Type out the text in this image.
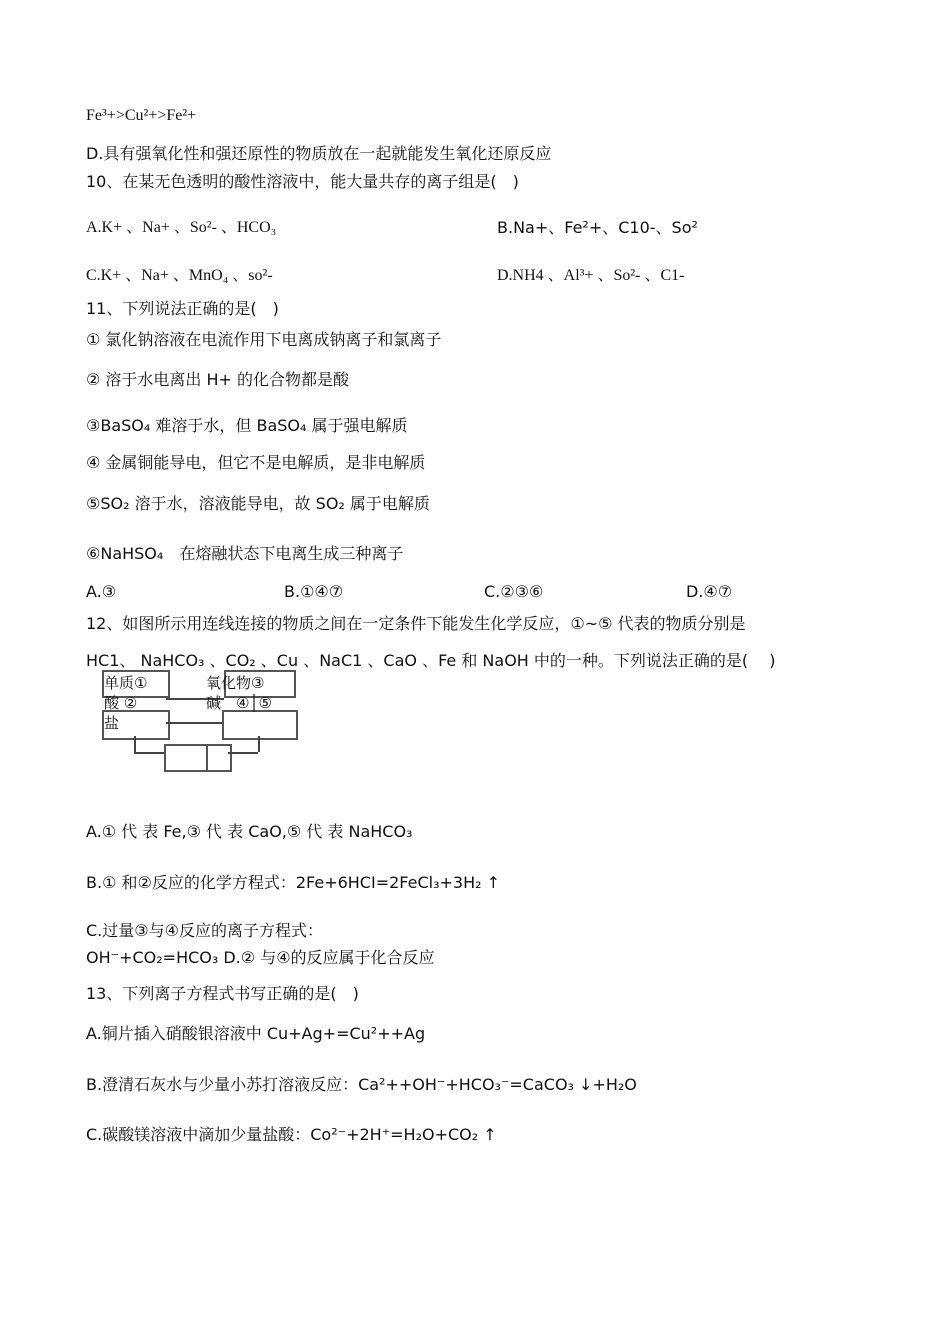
Fe³+>Cu²+>Fe²+
D.具有强氧化性和强还原性的物质放在一起就能发生氧化还原反应
10、在某无色透明的酸性溶液中，能大量共存的离子组是(　)
A.K+ 、Na+ 、So²- 、HCO₃	B.Na+、Fe²+、C10-、So²
C.K+ 、Na+ 、MnO₄ 、so²-	D.NH4 、Al³+ 、So²- 、C1-
11、下列说法正确的是(　)
① 氯化钠溶液在电流作用下电离成钠离子和氯离子
② 溶于水电离出 H+ 的化合物都是酸
③BaSO₄ 难溶于水，但 BaSO₄ 属于强电解质
④ 金属铜能导电，但它不是电解质，是非电解质
⑤SO₂ 溶于水，溶液能导电，故 SO₂ 属于电解质
⑥NaHSO₄　在熔融状态下电离生成三种离子
A.③	B.①④⑦	C.②③⑥	D.④⑦
12、如图所示用连线连接的物质之间在一定条件下能发生化学反应，①~⑤ 代表的物质分别是
HC1、 NaHCO₃ 、CO₂ 、Cu 、NaC1 、CaO 、Fe 和 NaOH 中的一种。下列说法正确的是(　 )
单质①
酸 ②
盐
氧化物③
碱　④│⑤
A.① 代 表 Fe,③ 代 表 CaO,⑤ 代 表 NaHCO₃
B.① 和②反应的化学方程式：2Fe+6HCI=2FeCl₃+3H₂ ↑
C.过量③与④反应的离子方程式：
OH⁻+CO₂=HCO₃ D.② 与④的反应属于化合反应
13、下列离子方程式书写正确的是(　)
A.铜片插入硝酸银溶液中 Cu+Ag+=Cu²++Ag
B.澄清石灰水与少量小苏打溶液反应：Ca²++OH⁻+HCO₃⁻=CaCO₃ ↓+H₂O
C.碳酸镁溶液中滴加少量盐酸：Co²⁻+2H⁺=H₂O+CO₂ ↑
